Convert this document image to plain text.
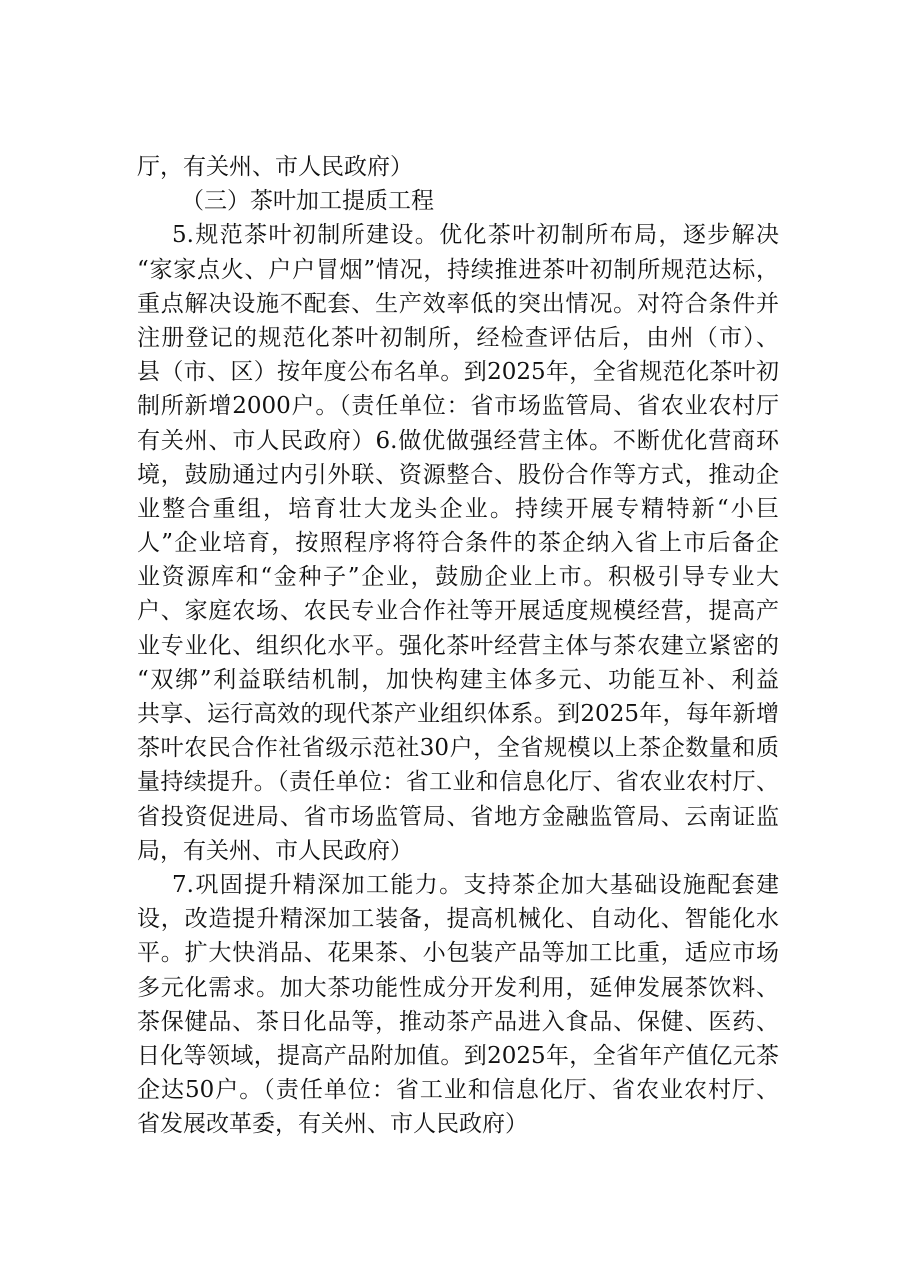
厅，有关州、市人民政府）
（三）茶叶加工提质工程
5.规范茶叶初制所建设。优化茶叶初制所布局，逐步解决
“家家点火、户户冒烟”情况，持续推进茶叶初制所规范达标，
重点解决设施不配套、生产效率低的突出情况。对符合条件并
注册登记的规范化茶叶初制所，经检查评估后，由州（市）、
县（市、区）按年度公布名单。到2025年，全省规范化茶叶初
制所新增2000户。（责任单位：省市场监管局、省农业农村厅
有关州、市人民政府）6.做优做强经营主体。不断优化营商环
境，鼓励通过内引外联、资源整合、股份合作等方式，推动企
业整合重组，培育壮大龙头企业。持续开展专精特新“小巨
人”企业培育，按照程序将符合条件的茶企纳入省上市后备企
业资源库和“金种子”企业，鼓励企业上市。积极引导专业大
户、家庭农场、农民专业合作社等开展适度规模经营，提高产
业专业化、组织化水平。强化茶叶经营主体与茶农建立紧密的
“双绑”利益联结机制，加快构建主体多元、功能互补、利益
共享、运行高效的现代茶产业组织体系。到2025年，每年新增
茶叶农民合作社省级示范社30户，全省规模以上茶企数量和质
量持续提升。（责任单位：省工业和信息化厅、省农业农村厅、
省投资促进局、省市场监管局、省地方金融监管局、云南证监
局，有关州、市人民政府）
7.巩固提升精深加工能力。支持茶企加大基础设施配套建
设，改造提升精深加工装备，提高机械化、自动化、智能化水
平。扩大快消品、花果茶、小包装产品等加工比重，适应市场
多元化需求。加大茶功能性成分开发利用，延伸发展茶饮料、
茶保健品、茶日化品等，推动茶产品进入食品、保健、医药、
日化等领域，提高产品附加值。到2025年，全省年产值亿元茶
企达50户。（责任单位：省工业和信息化厅、省农业农村厅、
省发展改革委，有关州、市人民政府）
